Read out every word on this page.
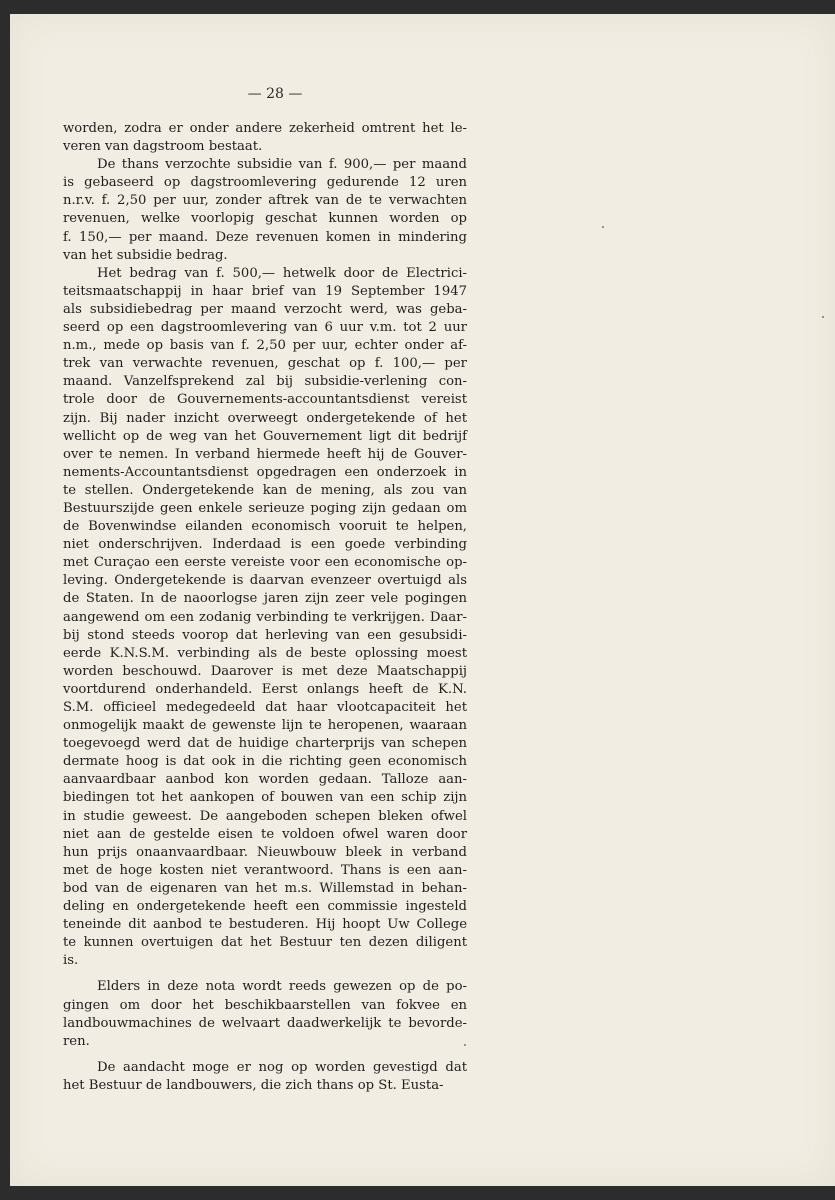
— 28 —

worden, zodra er onder andere zekerheid omtrent het le-
veren van dagstroom bestaat.

De thans verzochte subsidie van f. 900,— per maand
is gebaseerd op dagstroomlevering gedurende 12 uren
n.r.v. f. 2,50 per uur, zonder aftrek van de te verwachten
revenuen, welke voorlopig geschat kunnen worden op
f. 150,— per maand. Deze revenuen komen in mindering
van het subsidie bedrag.

Het bedrag van f. 500,— hetwelk door de Electrici-
teitsmaatschappij in haar brief van 19 September 1947
als subsidiebedrag per maand verzocht werd, was geba-
seerd op een dagstroomlevering van 6 uur v.m. tot 2 uur
n.m., mede op basis van f. 2,50 per uur, echter onder af-
trek van verwachte revenuen, geschat op f. 100,— per
maand. Vanzelfsprekend zal bij subsidie-verlening con-
trole door de Gouvernements-accountantsdienst vereist
zijn. Bij nader inzicht overweegt ondergetekende of het
wellicht op de weg van het Gouvernement ligt dit bedrijf
over te nemen. In verband hiermede heeft hij de Gouver-
nements-Accountantsdienst opgedragen een onderzoek in
te stellen. Ondergetekende kan de mening, als zou van
Bestuurszijde geen enkele serieuze poging zijn gedaan om
de Bovenwindse eilanden economisch vooruit te helpen,
niet onderschrijven. Inderdaad is een goede verbinding
met Curaçao een eerste vereiste voor een economische op-
leving. Ondergetekende is daarvan evenzeer overtuigd als
de Staten. In de naoorlogse jaren zijn zeer vele pogingen
aangewend om een zodanig verbinding te verkrijgen. Daar-
bij stond steeds voorop dat herleving van een gesubsidi-
eerde K.N.S.M. verbinding als de beste oplossing moest
worden beschouwd. Daarover is met deze Maatschappij
voortdurend onderhandeld. Eerst onlangs heeft de K.N.
S.M. officieel medegedeeld dat haar vlootcapaciteit het
onmogelijk maakt de gewenste lijn te heropenen, waaraan
toegevoegd werd dat de huidige charterprijs van schepen
dermate hoog is dat ook in die richting geen economisch
aanvaardbaar aanbod kon worden gedaan. Talloze aan-
biedingen tot het aankopen of bouwen van een schip zijn
in studie geweest. De aangeboden schepen bleken ofwel
niet aan de gestelde eisen te voldoen ofwel waren door
hun prijs onaanvaardbaar. Nieuwbouw bleek in verband
met de hoge kosten niet verantwoord. Thans is een aan-
bod van de eigenaren van het m.s. Willemstad in behan-
deling en ondergetekende heeft een commissie ingesteld
teneinde dit aanbod te bestuderen. Hij hoopt Uw College
te kunnen overtuigen dat het Bestuur ten dezen diligent
is.

Elders in deze nota wordt reeds gewezen op de po-
gingen om door het beschikbaarstellen van fokvee en
landbouwmachines de welvaart daadwerkelijk te bevorde-
ren.

De aandacht moge er nog op worden gevestigd dat
het Bestuur de landbouwers, die zich thans op St. Eusta-
